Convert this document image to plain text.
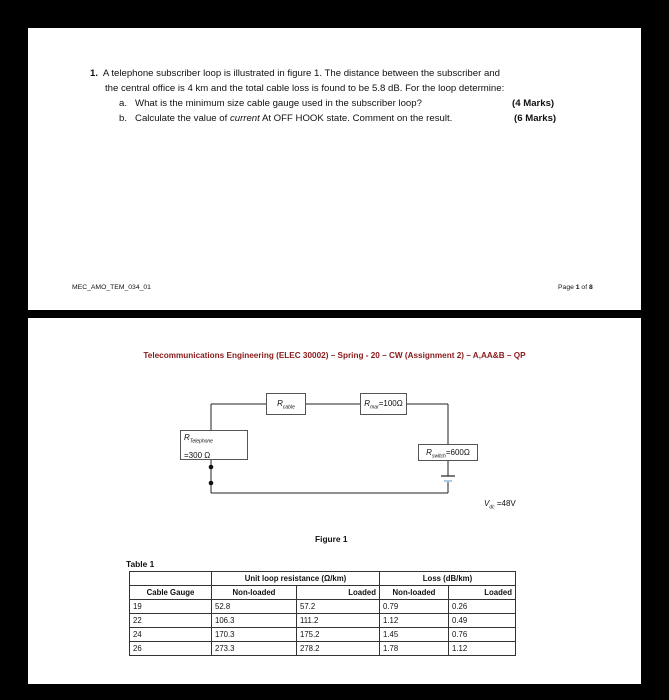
1. A telephone subscriber loop is illustrated in figure 1. The distance between the subscriber and
the central office is 4 km and the total cable loss is found to be 5.8 dB. For the loop determine:
a. What is the minimum size cable gauge used in the subscriber loop?	(4 Marks)
b. Calculate the value of current At OFF HOOK state. Comment on the result.	(6 Marks)
MEC_AMO_TEM_034_01	Page 1 of 8
Telecommunications Engineering (ELEC 30002) – Spring - 20 – CW (Assignment 2) – A,AA&B – QP
$R_{cable}$	$R_{mar}=100\Omega$
$R_{Telephone}$
=300 Ω	$R_{switch}=600\Omega$
$V_{dc} =48V$
Figure 1
Table 1
	Unit loop resistance (Ω/km)		Loss (dB/km)	
Cable Gauge	Non-loaded	Loaded	Non-loaded	Loaded
19	52.8	57.2	0.79	0.26
22	106.3	111.2	1.12	0.49
24	170.3	175.2	1.45	0.76
26	273.3	278.2	1.78	1.12
